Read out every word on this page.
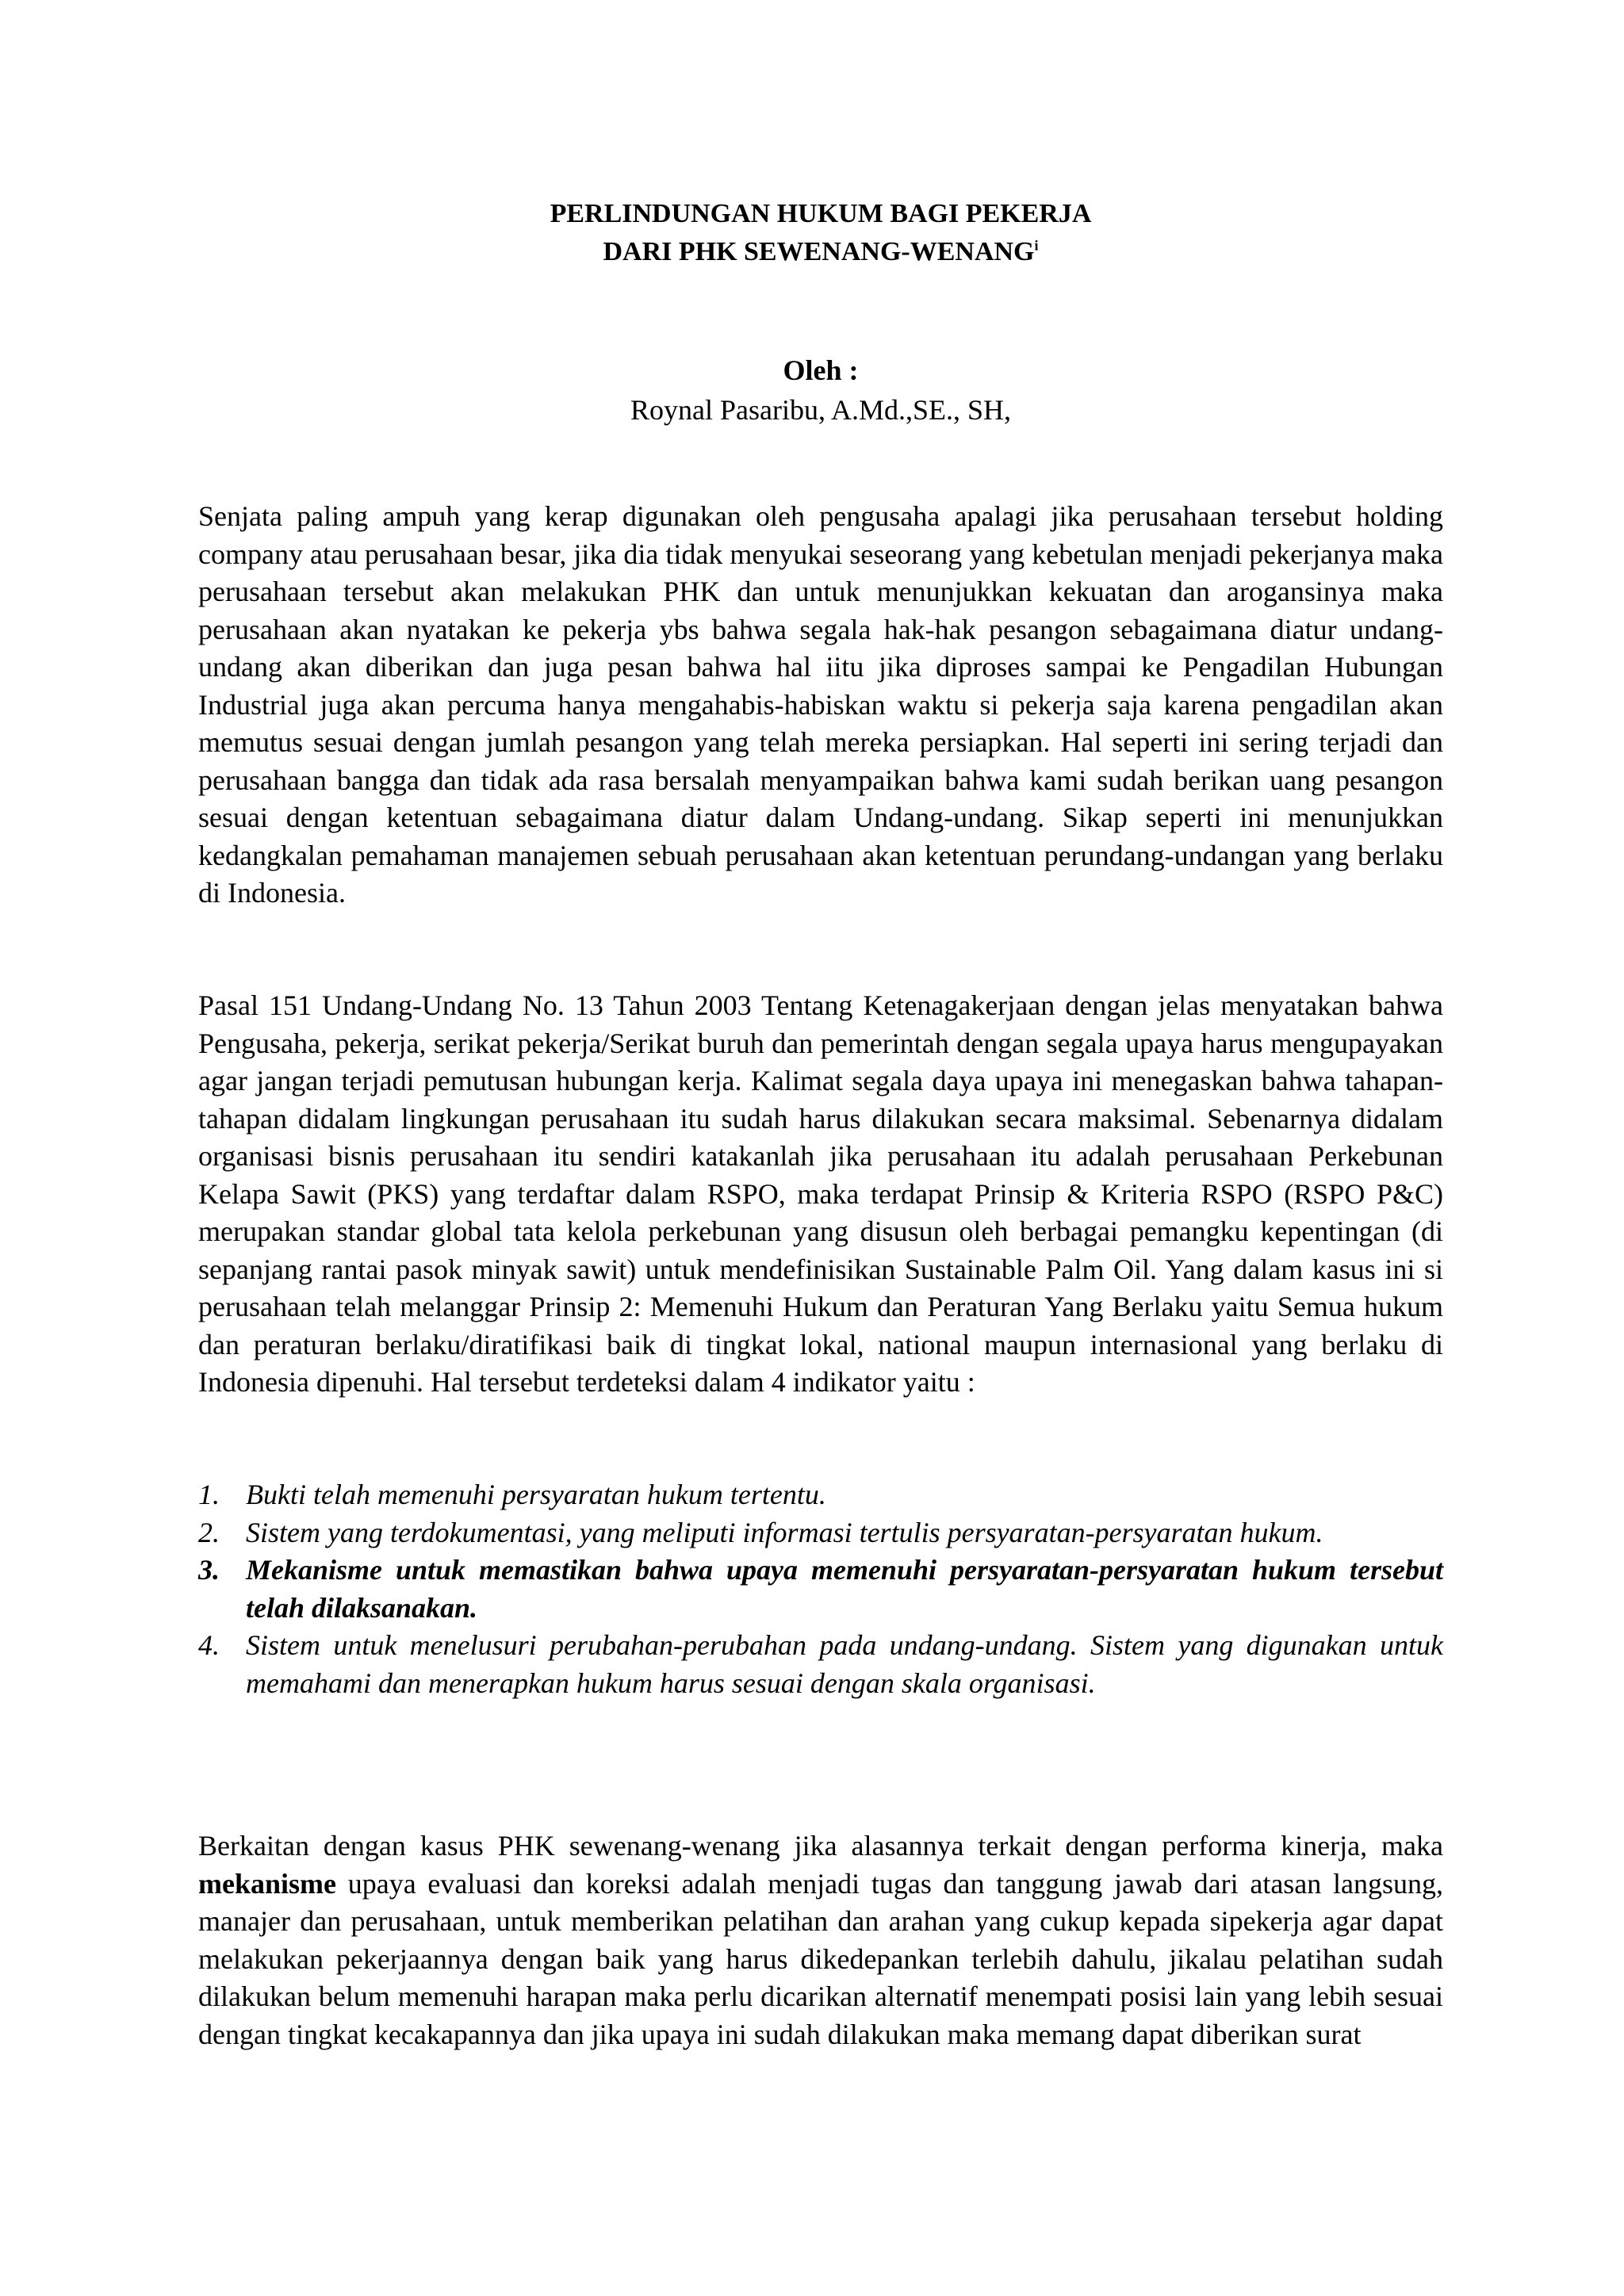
PERLINDUNGAN HUKUM BAGI PEKERJA
DARI PHK SEWENANG-WENANG$^i$
Oleh :
Roynal Pasaribu, A.Md.,SE., SH,

Senjata paling ampuh yang kerap digunakan oleh pengusaha apalagi jika perusahaan tersebut holding company atau perusahaan besar, jika dia tidak menyukai seseorang yang kebetulan menjadi pekerjanya maka perusahaan tersebut akan melakukan PHK dan untuk menunjukkan kekuatan dan arogansinya maka perusahaan akan nyatakan ke pekerja ybs bahwa segala hak-hak pesangon sebagaimana diatur undang-undang akan diberikan dan juga pesan bahwa hal iitu jika diproses sampai ke Pengadilan Hubungan Industrial juga akan percuma hanya mengahabis-habiskan waktu si pekerja saja karena pengadilan akan memutus sesuai dengan jumlah pesangon yang telah mereka persiapkan. Hal seperti ini sering terjadi dan perusahaan bangga dan tidak ada rasa bersalah menyampaikan bahwa kami sudah berikan uang pesangon sesuai dengan ketentuan sebagaimana diatur dalam Undang-undang. Sikap seperti ini menunjukkan kedangkalan pemahaman manajemen sebuah perusahaan akan ketentuan perundang-undangan yang berlaku di Indonesia.

Pasal 151 Undang-Undang No. 13 Tahun 2003 Tentang Ketenagakerjaan dengan jelas menyatakan bahwa Pengusaha, pekerja, serikat pekerja/Serikat buruh dan pemerintah dengan segala upaya harus mengupayakan agar jangan terjadi pemutusan hubungan kerja. Kalimat segala daya upaya ini menegaskan bahwa tahapan-tahapan didalam lingkungan perusahaan itu sudah harus dilakukan secara maksimal. Sebenarnya didalam organisasi bisnis perusahaan itu sendiri katakanlah jika perusahaan itu adalah perusahaan Perkebunan Kelapa Sawit (PKS) yang terdaftar dalam RSPO, maka terdapat Prinsip & Kriteria RSPO (RSPO P&C) merupakan standar global tata kelola perkebunan yang disusun oleh berbagai pemangku kepentingan (di sepanjang rantai pasok minyak sawit) untuk mendefinisikan Sustainable Palm Oil. Yang dalam kasus ini si perusahaan telah melanggar Prinsip 2: Memenuhi Hukum dan Peraturan Yang Berlaku yaitu Semua hukum dan peraturan berlaku/diratifikasi baik di tingkat lokal, national maupun internasional yang berlaku di Indonesia dipenuhi. Hal tersebut terdeteksi dalam 4 indikator yaitu :

1. Bukti telah memenuhi persyaratan hukum tertentu.
2. Sistem yang terdokumentasi, yang meliputi informasi tertulis persyaratan-persyaratan hukum.
3. Mekanisme untuk memastikan bahwa upaya memenuhi persyaratan-persyaratan hukum tersebut telah dilaksanakan.
4. Sistem untuk menelusuri perubahan-perubahan pada undang-undang. Sistem yang digunakan untuk memahami dan menerapkan hukum harus sesuai dengan skala organisasi.

Berkaitan dengan kasus PHK sewenang-wenang jika alasannya terkait dengan performa kinerja, maka mekanisme upaya evaluasi dan koreksi adalah menjadi tugas dan tanggung jawab dari atasan langsung, manajer dan perusahaan, untuk memberikan pelatihan dan arahan yang cukup kepada sipekerja agar dapat melakukan pekerjaannya dengan baik yang harus dikedepankan terlebih dahulu, jikalau pelatihan sudah dilakukan belum memenuhi harapan maka perlu dicarikan alternatif menempati posisi lain yang lebih sesuai dengan tingkat kecakapannya dan jika upaya ini sudah dilakukan maka memang dapat diberikan surat
